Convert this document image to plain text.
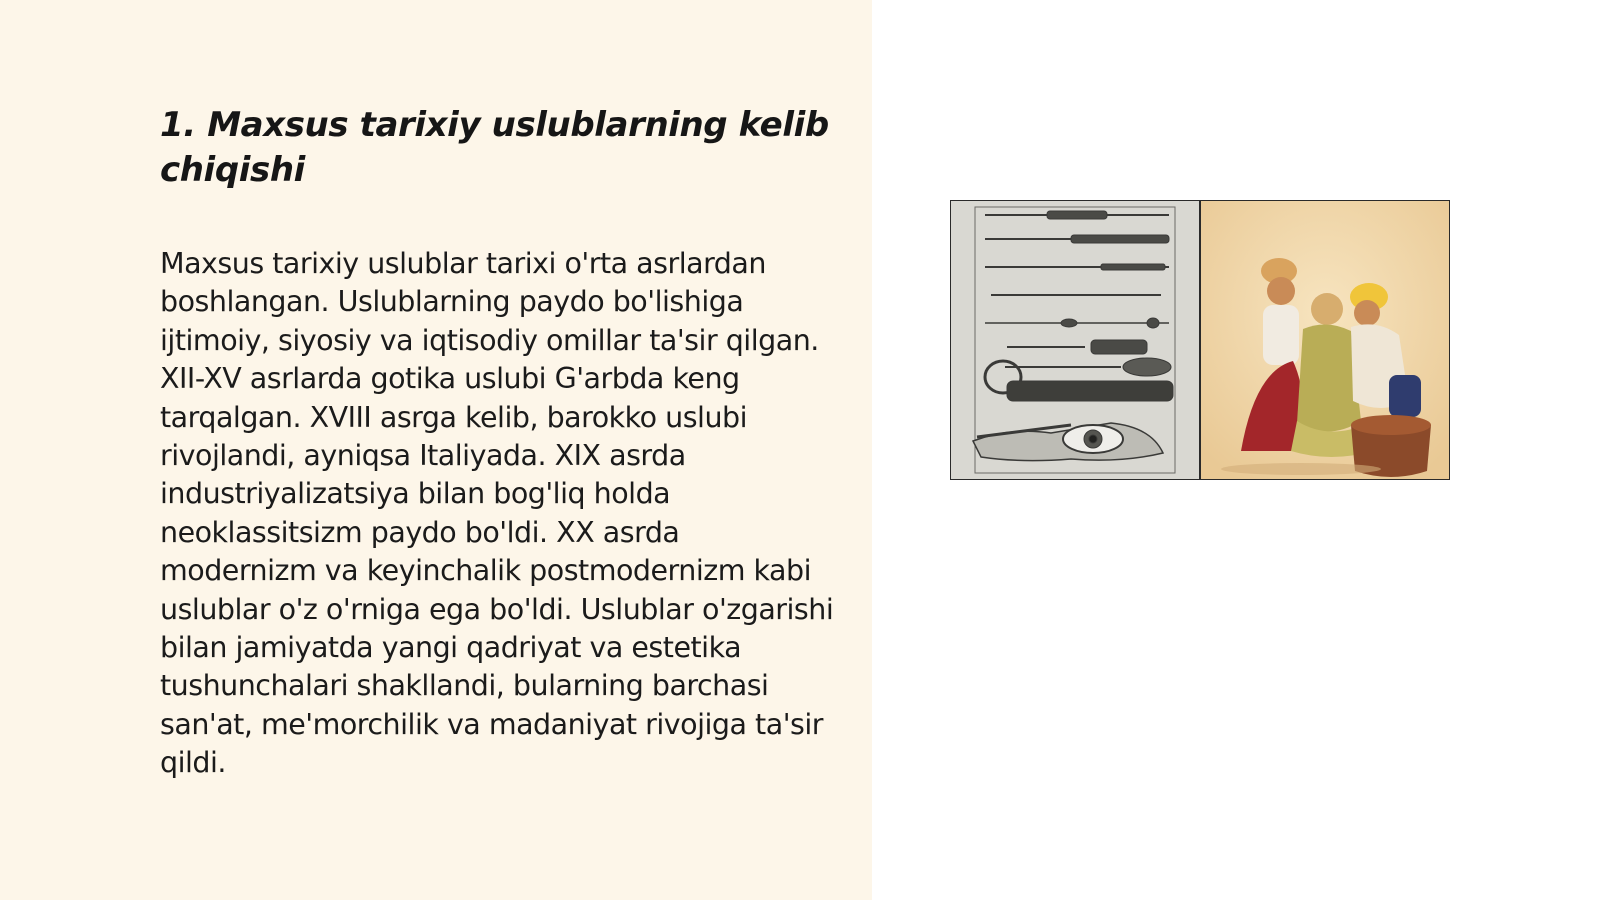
1. Maxsus tarixiy uslublarning kelib chiqishi

Maxsus tarixiy uslublar tarixi o'rta asrlardan boshlangan. Uslublarning paydo bo'lishiga ijtimoiy, siyosiy va iqtisodiy omillar ta'sir qilgan. XII-XV asrlarda gotika uslubi G'arbda keng tarqalgan. XVIII asrga kelib, barokko uslubi rivojlandi, ayniqsa Italiyada. XIX asrda industriyalizatsiya bilan bog'liq holda neoklassitsizm paydo bo'ldi. XX asrda modernizm va keyinchalik postmodernizm kabi uslublar o'z o'rniga ega bo'ldi. Uslublar o'zgarishi bilan jamiyatda yangi qadriyat va estetika tushunchalari shakllandi, bularning barchasi san'at, me'morchilik va madaniyat rivojiga ta'sir qildi.
